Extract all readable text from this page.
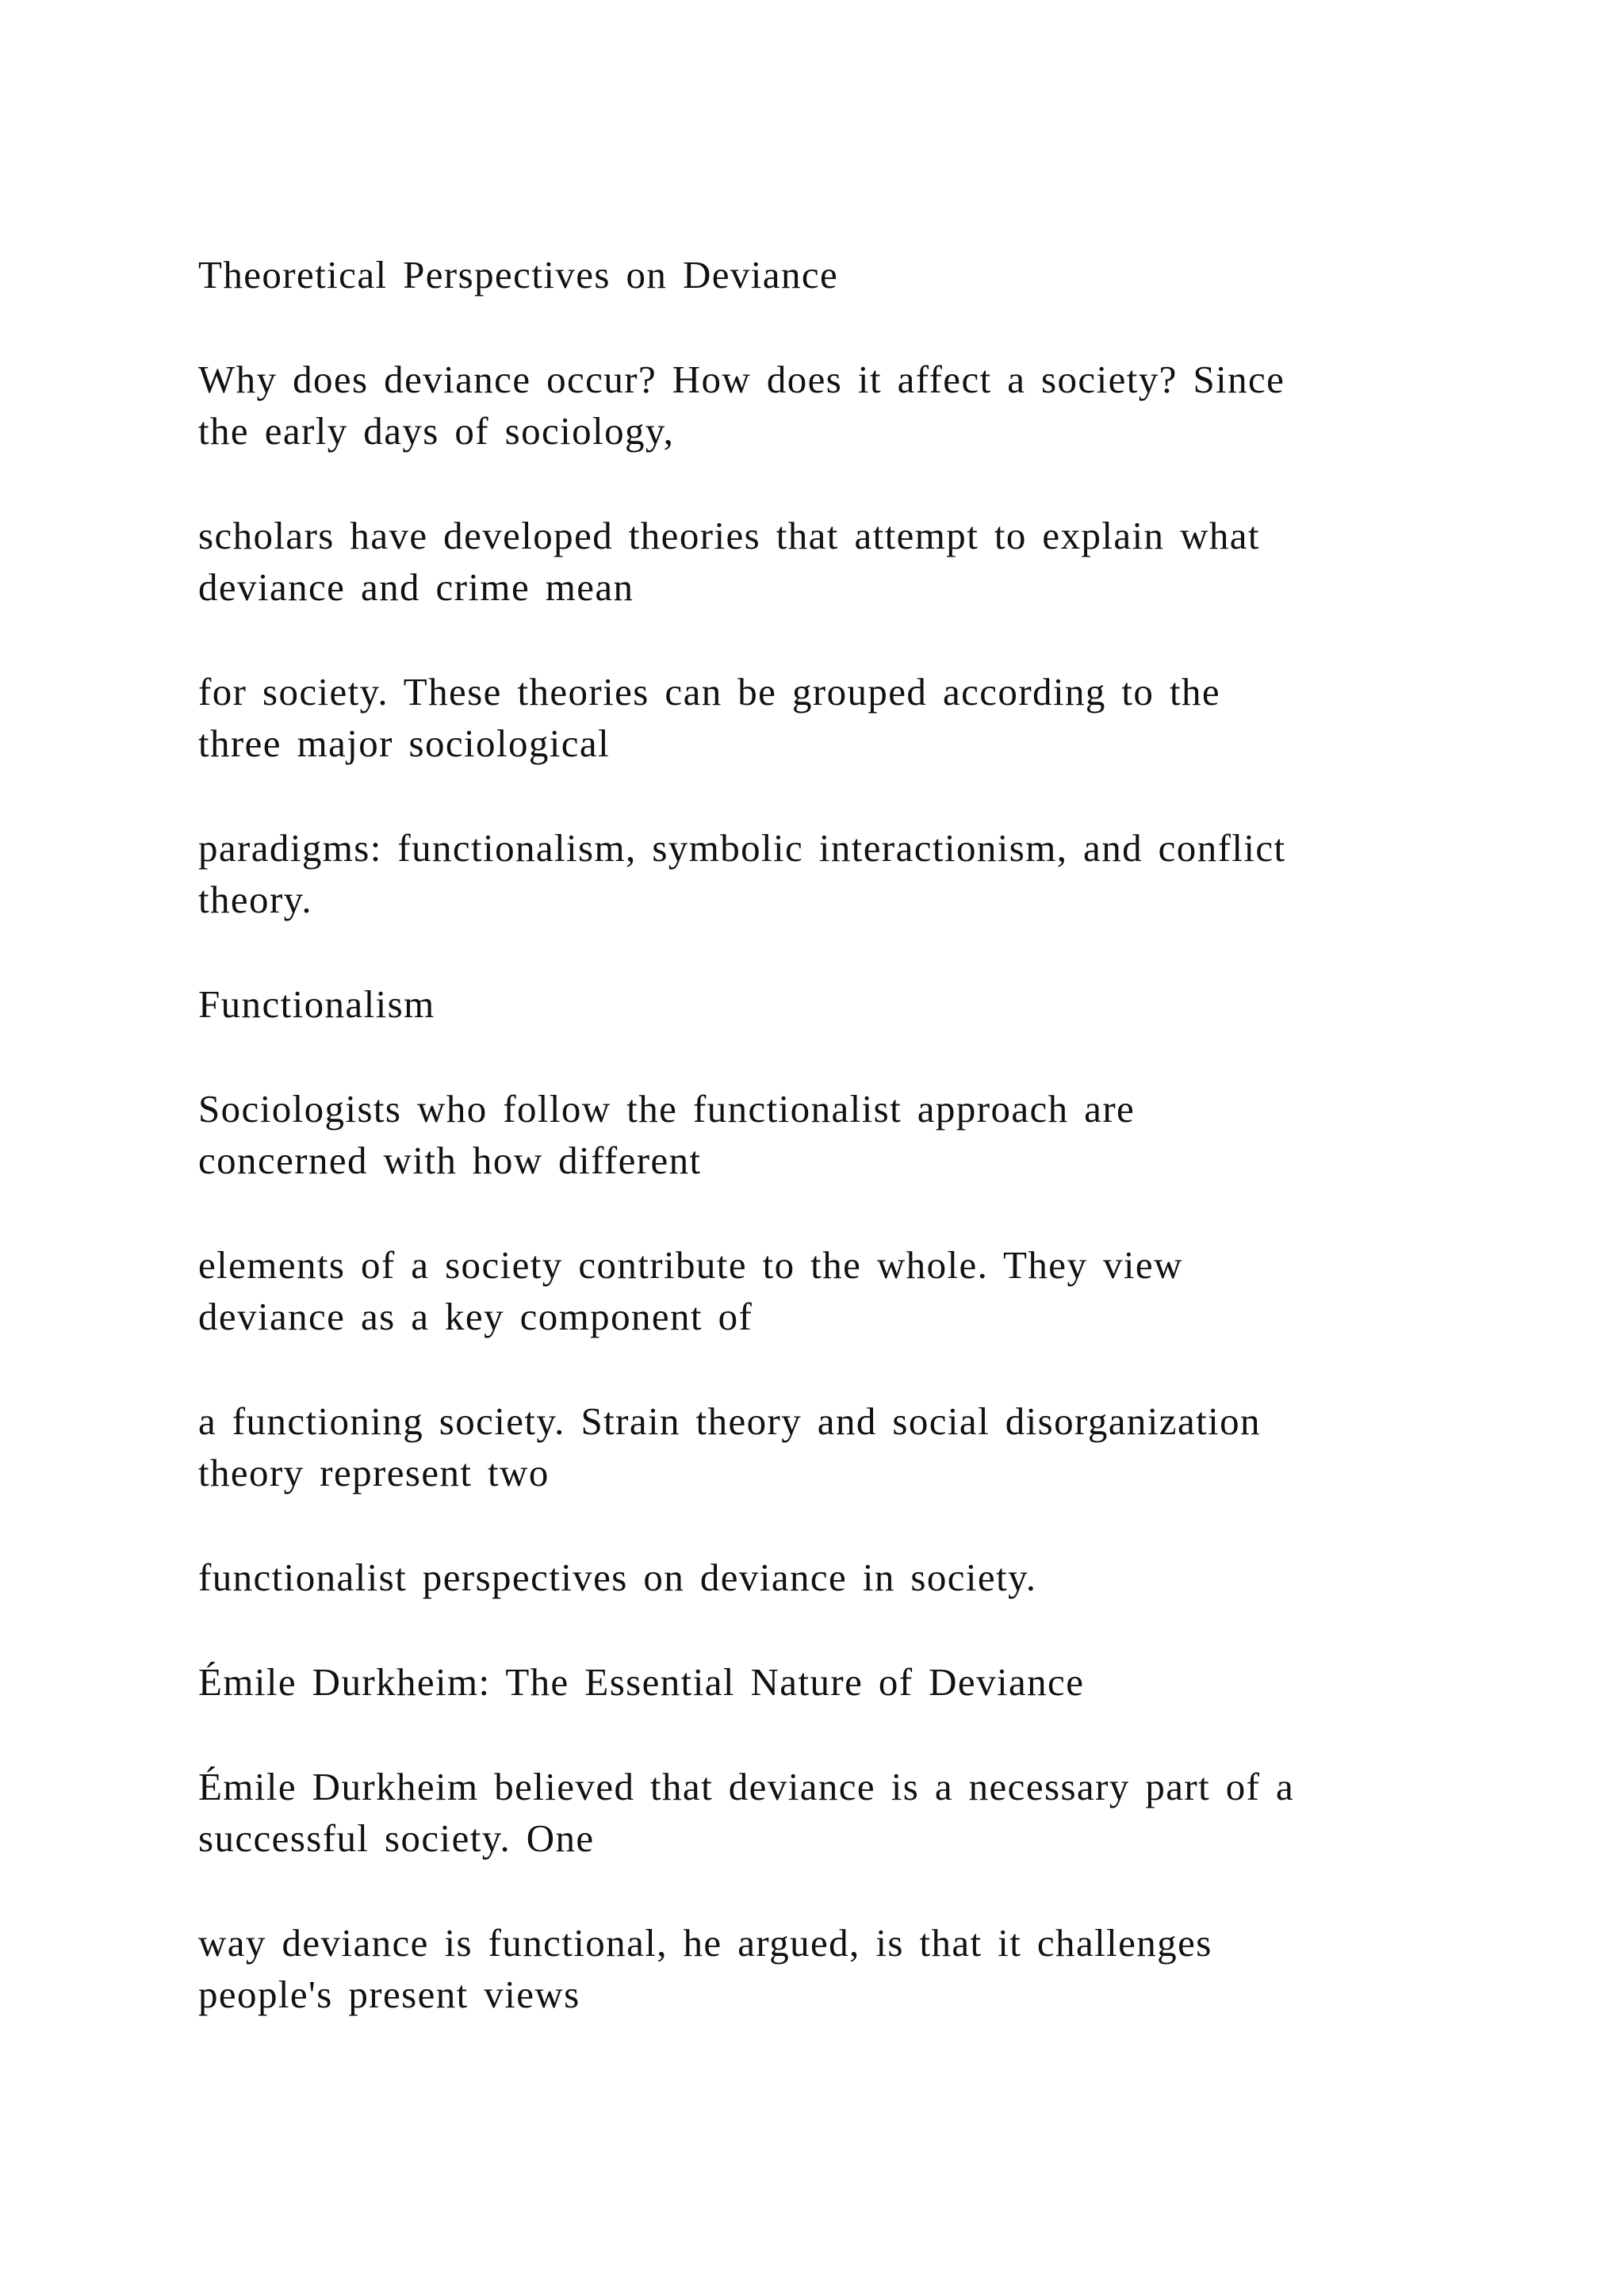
Theoretical Perspectives on Deviance

Why does deviance occur? How does it affect a society? Since

the early days of sociology,

scholars have developed theories that attempt to explain what

deviance and crime mean

for society. These theories can be grouped according to the

three major sociological

paradigms: functionalism, symbolic interactionism, and conflict

theory.

Functionalism

Sociologists who follow the functionalist approach are

concerned with how different

elements of a society contribute to the whole. They view

deviance as a key component of

a functioning society. Strain theory and social disorganization

theory represent two

functionalist perspectives on deviance in society.

Émile Durkheim: The Essential Nature of Deviance

Émile Durkheim believed that deviance is a necessary part of a

successful society. One

way deviance is functional, he argued, is that it challenges

people's present views
